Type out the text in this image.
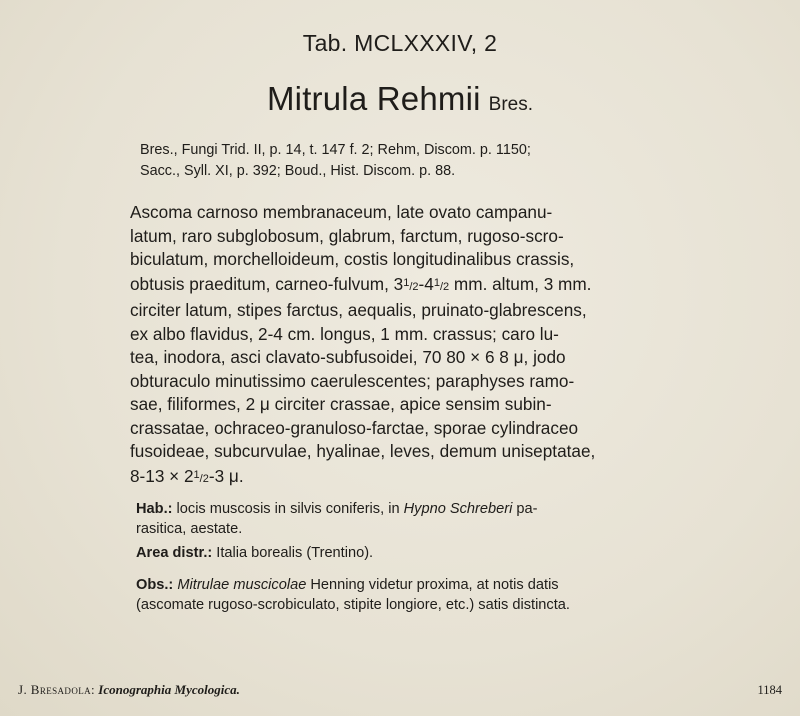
Tab. MCLXXXIV, 2
Mitrula Rehmii Bres.
Bres., Fungi Trid. II, p. 14, t. 147 f. 2; Rehm, Discom. p. 1150;
Sacc., Syll. XI, p. 392; Boud., Hist. Discom. p. 88.
Ascoma carnoso membranaceum, late ovato campanu-
latum, raro subglobosum, glabrum, farctum, rugoso-scro-
biculatum, morchelloideum, costis longitudinalibus crassis,
obtusis praeditum, carneo-fulvum, $3^1/2-4^1/2$ mm. altum, 3 mm.
circiter latum, stipes farctus, aequalis, pruinato-glabrescens,
ex albo flavidus, 2-4 cm. longus, 1 mm. crassus; caro lu-
tea, inodora, asci clavato-subfusoidei, 70 80 × 6 8 μ, jodo
obturaculo minutissimo caerulescentes; paraphyses ramo-
sae, filiformes, 2 μ circiter crassae, apice sensim subin-
crassatae, ochraceo-granuloso-farctae, sporae cylindraceo
fusoideae, subcurvulae, hyalinae, leves, demum uniseptatae,
$8-13 \times 2^1/2-3$ μ.
Hab.: locis muscosis in silvis coniferis, in Hypno Schreberi pa-
rasitica, aestate.
Area distr.: Italia borealis (Trentino).
Obs.: Mitrulae muscicolae Henning videtur proxima, at notis datis
(ascomate rugoso-scrobiculato, stipite longiore, etc.) satis distincta.
J. Bresadola: Iconographia Mycologica.	1184
